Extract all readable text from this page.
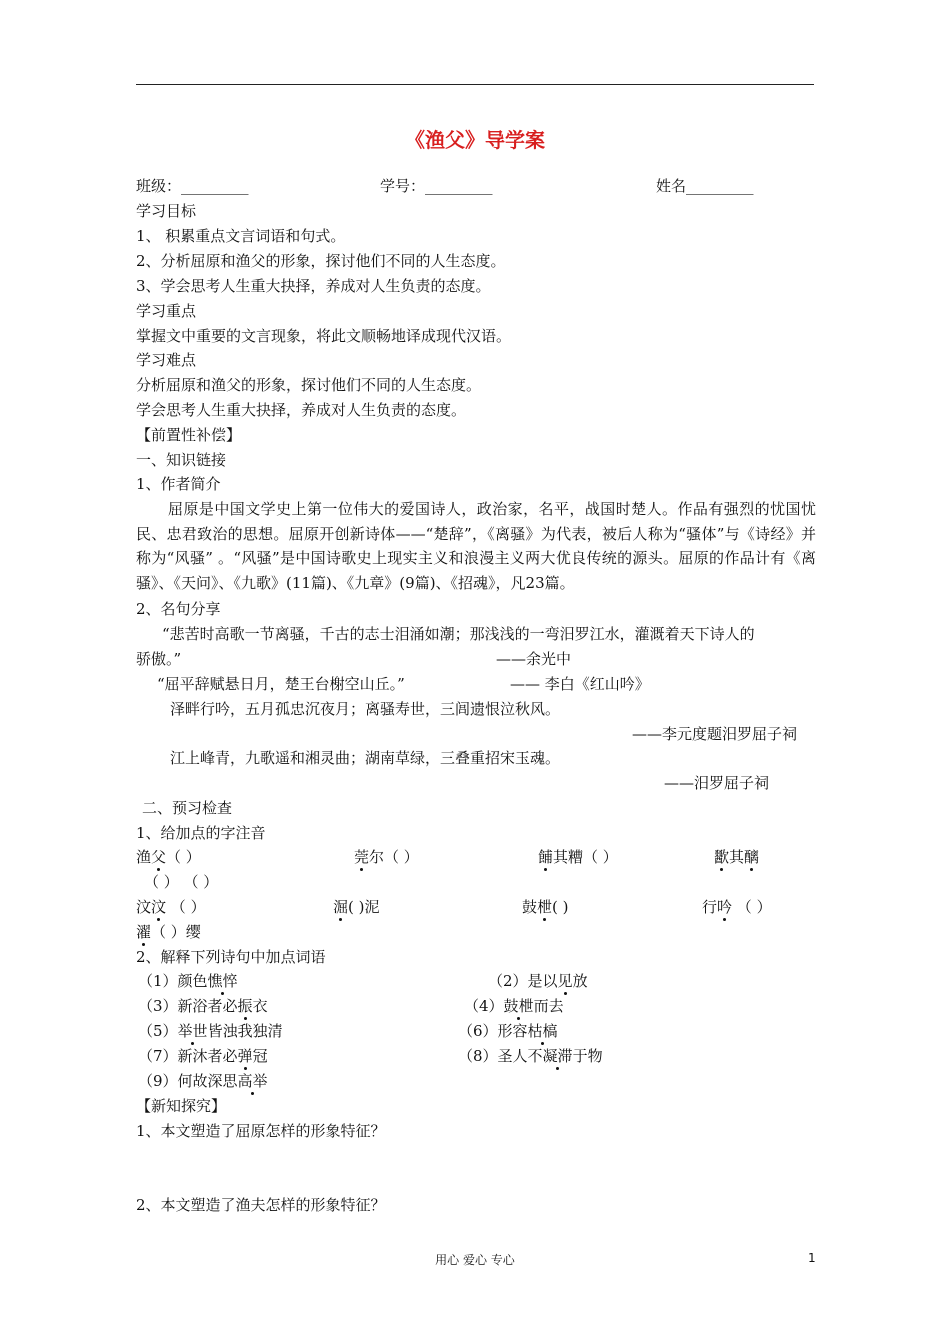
《渔父》导学案
班级：_________	学号：_________	姓名_________
学习目标
1、 积累重点文言词语和句式。
2、分析屈原和渔父的形象，探讨他们不同的人生态度。
3、学会思考人生重大抉择，养成对人生负责的态度。
学习重点
掌握文中重要的文言现象，将此文顺畅地译成现代汉语。
学习难点
分析屈原和渔父的形象，探讨他们不同的人生态度。
学会思考人生重大抉择，养成对人生负责的态度。
【前置性补偿】
一、知识链接
1、作者简介
屈原是中国文学史上第一位伟大的爱国诗人，政治家，名平，战国时楚人。作品有强烈的忧国忧民、忠君致治的思想。屈原开创新诗体——“楚辞”，《离骚》为代表，被后人称为“骚体”与《诗经》并称为“风骚” 。“风骚”是中国诗歌史上现实主义和浪漫主义两大优良传统的源头。屈原的作品计有《离骚》、《天问》、《九歌》(11篇)、《九章》(9篇)、《招魂》，凡23篇。
2、名句分享
“悲苦时高歌一节离骚，千古的志士泪涌如潮；那浅浅的一弯汨罗江水，灌溉着天下诗人的
骄傲。”	——余光中
“屈平辞赋悬日月，楚王台榭空山丘。”	—— 李白《红山吟》
泽畔行吟，五月孤忠沉夜月；离骚寿世，三闾遗恨泣秋风。
——李元度题汨罗屈子祠
江上峰青，九歌遥和湘灵曲；湖南草绿，三叠重招宋玉魂。
——汨罗屈子祠
二、预习检查
1、给加点的字注音
渔父（ ）	莞尔（ ）	餔其糟（ ）	歠其醨
（ ） （ ）
汶汶 （ ）	淈( )泥	鼓枻( )	行吟 （ ）
濯（ ）缨
2、解释下列诗句中加点词语
（1）颜色憔悴	（2）是以见放
（3）新浴者必振衣	（4）鼓枻而去
（5）举世皆浊我独清	（6）形容枯槁
（7）新沐者必弹冠	（8）圣人不凝滞于物
（9）何故深思高举
【新知探究】
1、本文塑造了屈原怎样的形象特征？
2、本文塑造了渔夫怎样的形象特征？
用心 爱心 专心	1
